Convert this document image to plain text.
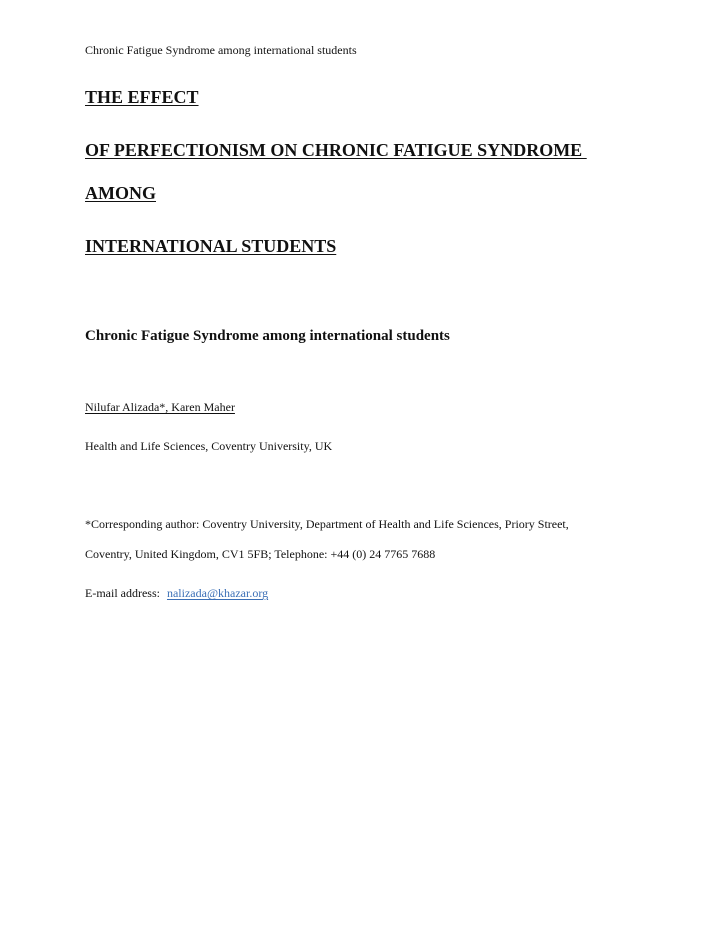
Chronic Fatigue Syndrome among international students
THE EFFECT
OF PERFECTIONISM ON CHRONIC FATIGUE SYNDROME
AMONG
INTERNATIONAL STUDENTS
Chronic Fatigue Syndrome among international students
Nilufar Alizada*, Karen Maher
Health and Life Sciences, Coventry University, UK
*Corresponding author: Coventry University, Department of Health and Life Sciences, Priory Street,
Coventry, United Kingdom, CV1 5FB; Telephone: +44 (0) 24 7765 7688
E-mail address: nalizada@khazar.org
